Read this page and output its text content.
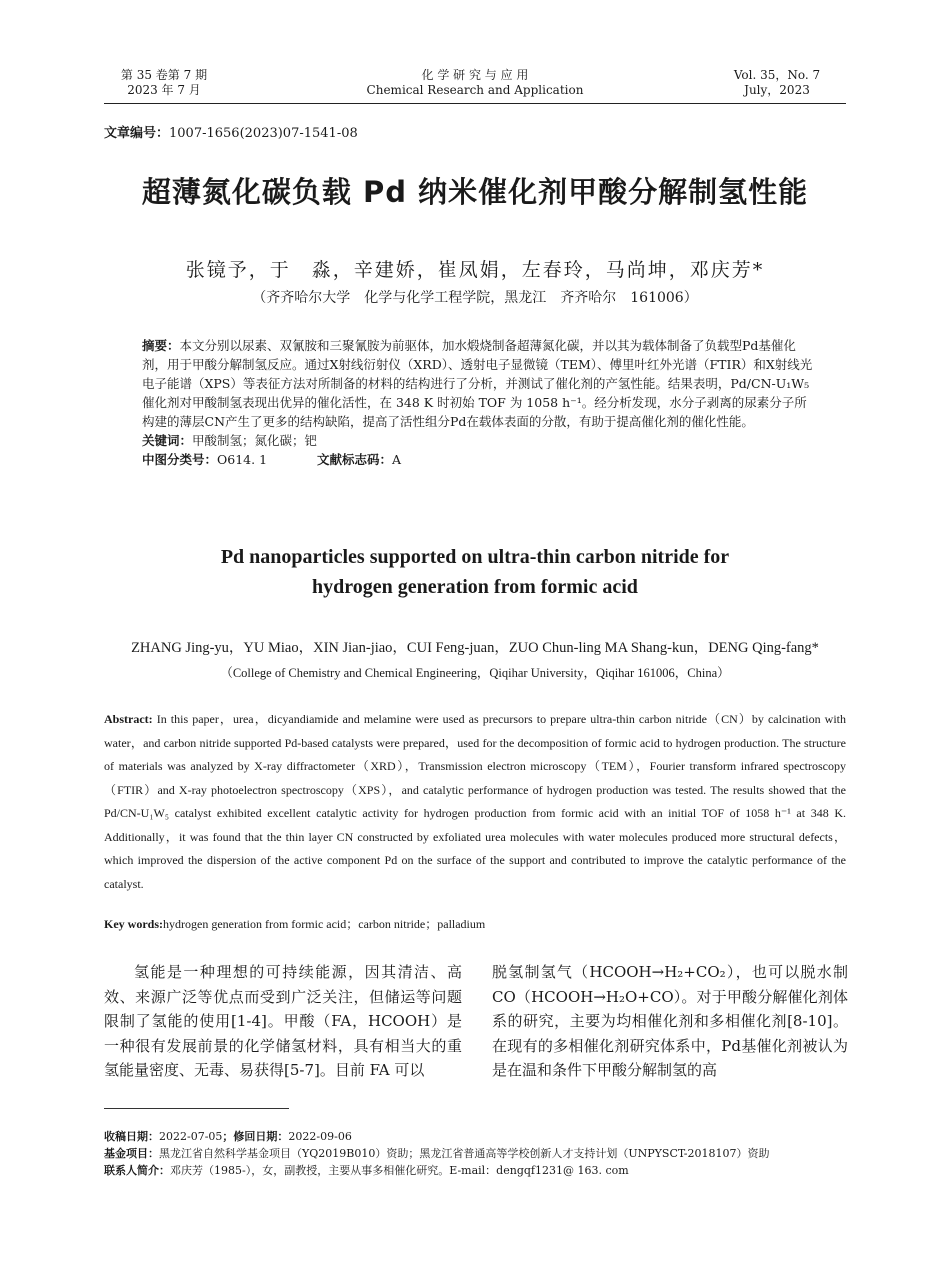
第 35 卷第 7 期
2023 年 7 月
化 学 研 究 与 应 用
Chemical Research and Application
Vol. 35，No. 7
July，2023
文章编号：1007-1656(2023)07-1541-08
超薄氮化碳负载 Pd 纳米催化剂甲酸分解制氢性能
张镜予，于　淼，辛建娇，崔凤娟，左春玲，马尚坤，邓庆芳*
（齐齐哈尔大学　化学与化学工程学院，黑龙江　齐齐哈尔　161006）
摘要：本文分别以尿素、双氰胺和三聚氰胺为前驱体，加水煅烧制备超薄氮化碳，并以其为载体制备了负载型Pd基催化剂，用于甲酸分解制氢反应。通过X射线衍射仪（XRD）、透射电子显微镜（TEM）、傅里叶红外光谱（FTIR）和X射线光电子能谱（XPS）等表征方法对所制备的材料的结构进行了分析，并测试了催化剂的产氢性能。结果表明，Pd/CN-U₁W₅ 催化剂对甲酸制氢表现出优异的催化活性，在 348 K 时初始 TOF 为 1058 h⁻¹。经分析发现，水分子剥离的尿素分子所构建的薄层CN产生了更多的结构缺陷，提高了活性组分Pd在载体表面的分散，有助于提高催化剂的催化性能。
关键词：甲酸制氢；氮化碳；钯
中图分类号：O614. 1	文献标志码：A
Pd nanoparticles supported on ultra-thin carbon nitride for
hydrogen generation from formic acid
ZHANG Jing-yu，YU Miao，XIN Jian-jiao，CUI Feng-juan，ZUO Chun-ling MA Shang-kun，DENG Qing-fang*
（College of Chemistry and Chemical Engineering，Qiqihar University，Qiqihar 161006，China）
Abstract: In this paper，urea，dicyandiamide and melamine were used as precursors to prepare ultra-thin carbon nitride（CN）by calcination with water，and carbon nitride supported Pd-based catalysts were prepared，used for the decomposition of formic acid to hydrogen production. The structure of materials was analyzed by X-ray diffractometer（XRD），Transmission electron microscopy（TEM），Fourier transform infrared spectroscopy（FTIR）and X-ray photoelectron spectroscopy（XPS），and catalytic performance of hydrogen production was tested. The results showed that the Pd/CN-U₁W₅ catalyst exhibited excellent catalytic activity for hydrogen production from formic acid with an initial TOF of 1058 h⁻¹ at 348 K. Additionally，it was found that the thin layer CN constructed by exfoliated urea molecules with water molecules produced more structural defects，which improved the dispersion of the active component Pd on the surface of the support and contributed to improve the catalytic performance of the catalyst.
Key words:hydrogen generation from formic acid；carbon nitride；palladium
氢能是一种理想的可持续能源，因其清洁、高效、来源广泛等优点而受到广泛关注，但储运等问题限制了氢能的使用[1-4]。甲酸（FA，HCOOH）是一种很有发展前景的化学储氢材料，具有相当大的重氢能量密度、无毒、易获得[5-7]。目前 FA 可以
脱氢制氢气（HCOOH→H₂+CO₂），也可以脱水制CO（HCOOH→H₂O+CO）。对于甲酸分解催化剂体系的研究，主要为均相催化剂和多相催化剂[8-10]。在现有的多相催化剂研究体系中，Pd基催化剂被认为是在温和条件下甲酸分解制氢的高
收稿日期：2022-07-05；修回日期：2022-09-06
基金项目：黑龙江省自然科学基金项目（YQ2019B010）资助；黑龙江省普通高等学校创新人才支持计划（UNPYSCT-2018107）资助
联系人简介：邓庆芳（1985-），女，副教授，主要从事多相催化研究。E-mail：dengqf1231@ 163. com
